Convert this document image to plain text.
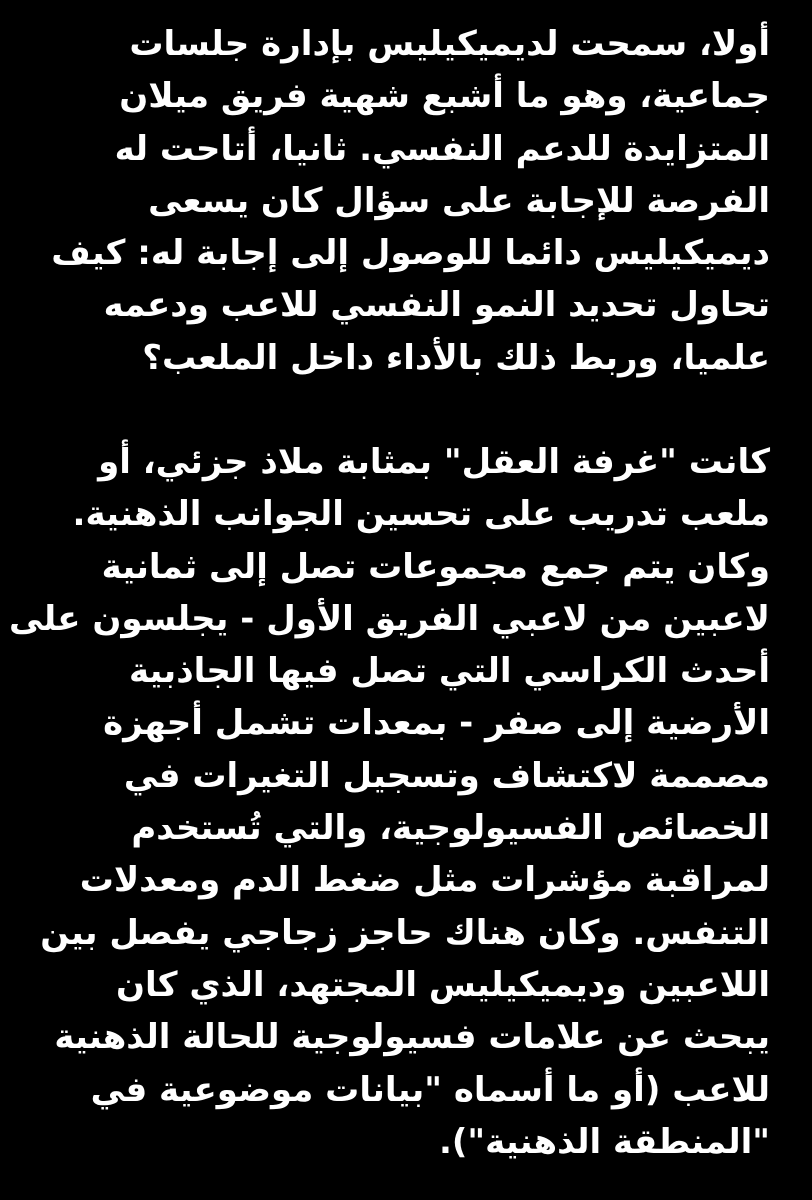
أولا، سمحت لديميكيليس بإدارة جلسات
جماعية، وهو ما أشبع شهية فريق ميلان
المتزايدة للدعم النفسي. ثانيا، أتاحت له
الفرصة للإجابة على سؤال كان يسعى
ديميكيليس دائما للوصول إلى إجابة له: كيف
تحاول تحديد النمو النفسي للاعب ودعمه
علميا، وربط ذلك بالأداء داخل الملعب؟
كانت "غرفة العقل" بمثابة ملاذ جزئي، أو
ملعب تدريب على تحسين الجوانب الذهنية.
وكان يتم جمع مجموعات تصل إلى ثمانية
لاعبين من لاعبي الفريق الأول - يجلسون على
أحدث الكراسي التي تصل فيها الجاذبية
الأرضية إلى صفر - بمعدات تشمل أجهزة
مصممة لاكتشاف وتسجيل التغيرات في
الخصائص الفسيولوجية، والتي تُستخدم
لمراقبة مؤشرات مثل ضغط الدم ومعدلات
التنفس. وكان هناك حاجز زجاجي يفصل بين
اللاعبين وديميكيليس المجتهد، الذي كان
يبحث عن علامات فسيولوجية للحالة الذهنية
للاعب (أو ما أسماه "بيانات موضوعية في
"المنطقة الذهنية").
